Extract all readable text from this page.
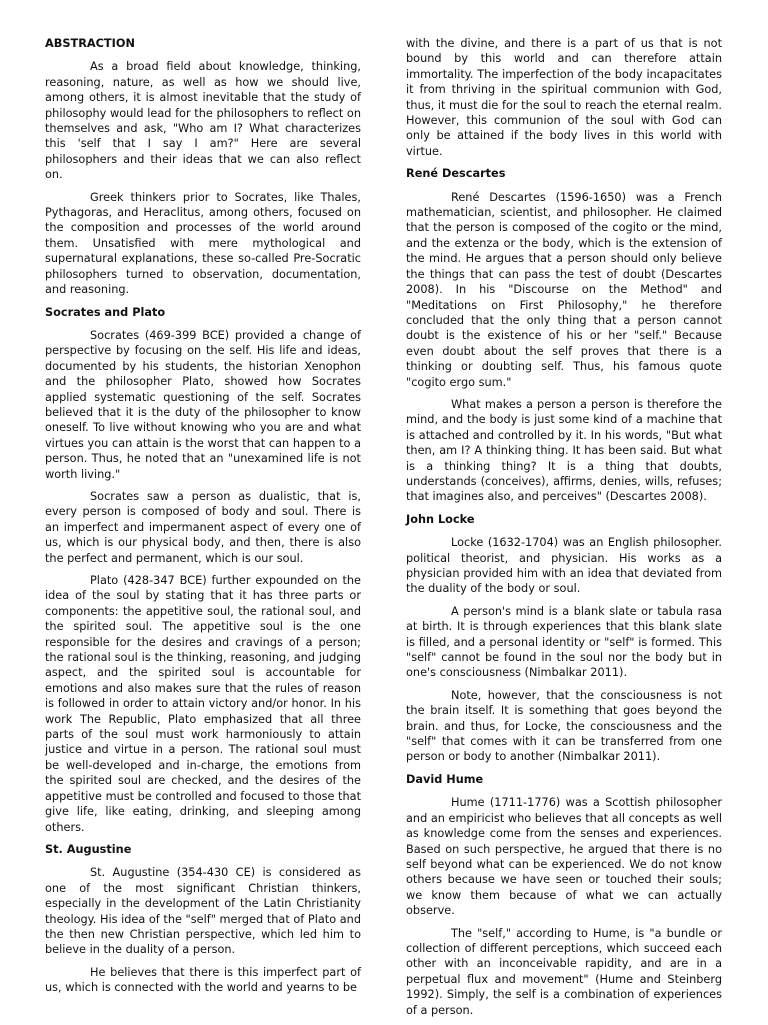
ABSTRACTION

As a broad field about knowledge, thinking, reasoning, nature, as well as how we should live, among others, it is almost inevitable that the study of philosophy would lead for the philosophers to reflect on themselves and ask, "Who am I? What characterizes this 'self that I say I am?" Here are several philosophers and their ideas that we can also reflect on.

Greek thinkers prior to Socrates, like Thales, Pythagoras, and Heraclitus, among others, focused on the composition and processes of the world around them. Unsatisfied with mere mythological and supernatural explanations, these so-called Pre-Socratic philosophers turned to observation, documentation, and reasoning.

Socrates and Plato

Socrates (469-399 BCE) provided a change of perspective by focusing on the self. His life and ideas, documented by his students, the historian Xenophon and the philosopher Plato, showed how Socrates applied systematic questioning of the self. Socrates believed that it is the duty of the philosopher to know oneself. To live without knowing who you are and what virtues you can attain is the worst that can happen to a person. Thus, he noted that an "unexamined life is not worth living."

Socrates saw a person as dualistic, that is, every person is composed of body and soul. There is an imperfect and impermanent aspect of every one of us, which is our physical body, and then, there is also the perfect and permanent, which is our soul.

Plato (428-347 BCE) further expounded on the idea of the soul by stating that it has three parts or components: the appetitive soul, the rational soul, and the spirited soul. The appetitive soul is the one responsible for the desires and cravings of a person; the rational soul is the thinking, reasoning, and judging aspect, and the spirited soul is accountable for emotions and also makes sure that the rules of reason is followed in order to attain victory and/or honor. In his work The Republic, Plato emphasized that all three parts of the soul must work harmoniously to attain justice and virtue in a person. The rational soul must be well-developed and in-charge, the emotions from the spirited soul are checked, and the desires of the appetitive must be controlled and focused to those that give life, like eating, drinking, and sleeping among others.

St. Augustine

St. Augustine (354-430 CE) is considered as one of the most significant Christian thinkers, especially in the development of the Latin Christianity theology. His idea of the "self" merged that of Plato and the then new Christian perspective, which led him to believe in the duality of a person.

He believes that there is this imperfect part of us, which is connected with the world and yearns to be

with the divine, and there is a part of us that is not bound by this world and can therefore attain immortality. The imperfection of the body incapacitates it from thriving in the spiritual communion with God, thus, it must die for the soul to reach the eternal realm. However, this communion of the soul with God can only be attained if the body lives in this world with virtue.

René Descartes

René Descartes (1596-1650) was a French mathematician, scientist, and philosopher. He claimed that the person is composed of the cogito or the mind, and the extenza or the body, which is the extension of the mind. He argues that a person should only believe the things that can pass the test of doubt (Descartes 2008). In his "Discourse on the Method" and "Meditations on First Philosophy," he therefore concluded that the only thing that a person cannot doubt is the existence of his or her "self." Because even doubt about the self proves that there is a thinking or doubting self. Thus, his famous quote "cogito ergo sum."

What makes a person a person is therefore the mind, and the body is just some kind of a machine that is attached and controlled by it. In his words, "But what then, am I? A thinking thing. It has been said. But what is a thinking thing? It is a thing that doubts, understands (conceives), affirms, denies, wills, refuses; that imagines also, and perceives" (Descartes 2008).

John Locke

Locke (1632-1704) was an English philosopher. political theorist, and physician. His works as a physician provided him with an idea that deviated from the duality of the body or soul.

A person's mind is a blank slate or tabula rasa at birth. It is through experiences that this blank slate is filled, and a personal identity or "self" is formed. This "self" cannot be found in the soul nor the body but in one's consciousness (Nimbalkar 2011).

Note, however, that the consciousness is not the brain itself. It is something that goes beyond the brain. and thus, for Locke, the consciousness and the "self" that comes with it can be transferred from one person or body to another (Nimbalkar 2011).

David Hume

Hume (1711-1776) was a Scottish philosopher and an empiricist who believes that all concepts as well as knowledge come from the senses and experiences. Based on such perspective, he argued that there is no self beyond what can be experienced. We do not know others because we have seen or touched their souls; we know them because of what we can actually observe.

The "self," according to Hume, is "a bundle or collection of different perceptions, which succeed each other with an inconceivable rapidity, and are in a perpetual flux and movement" (Hume and Steinberg 1992). Simply, the self is a combination of experiences of a person.
